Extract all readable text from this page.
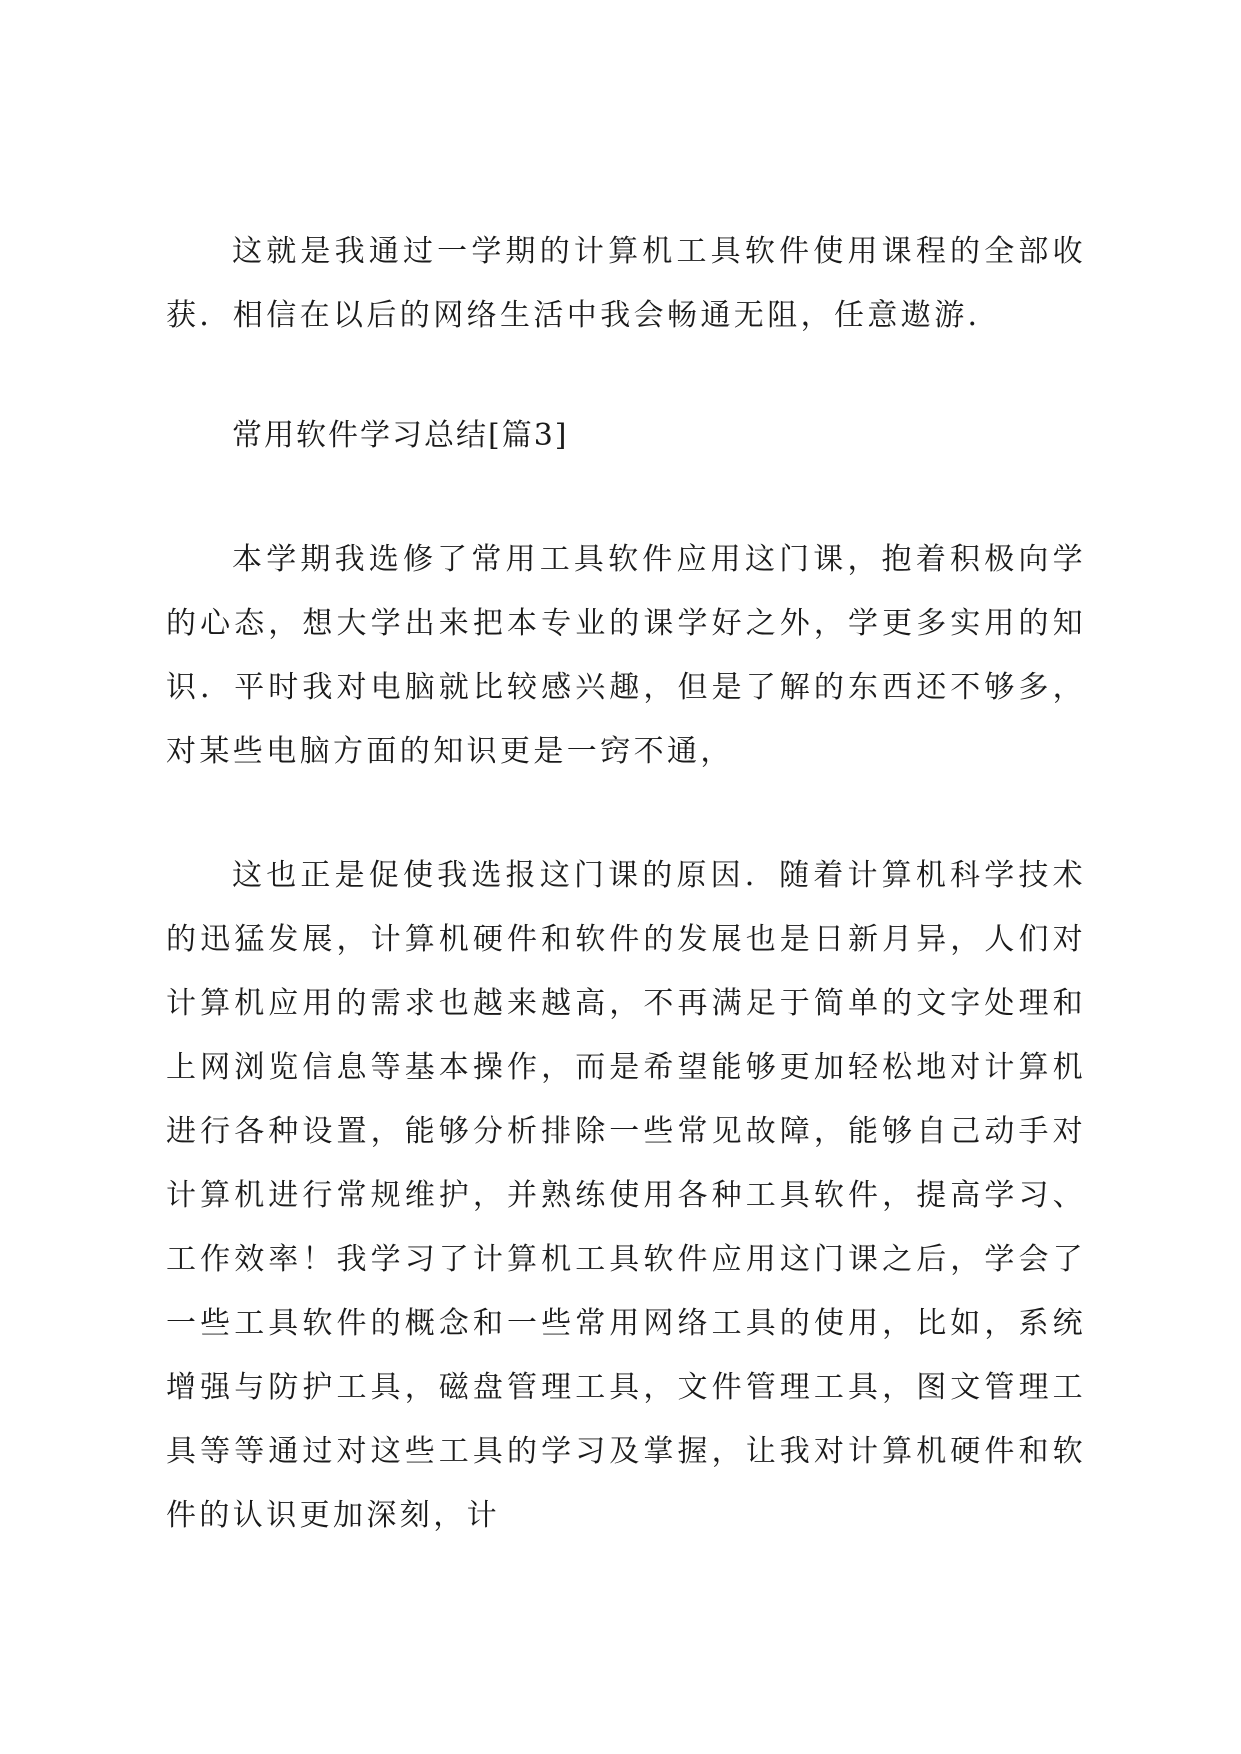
这就是我通过一学期的计算机工具软件使用课程的全部收获．相信在以后的网络生活中我会畅通无阻，任意遨游．

常用软件学习总结[篇3]

本学期我选修了常用工具软件应用这门课，抱着积极向学的心态，想大学出来把本专业的课学好之外，学更多实用的知识．平时我对电脑就比较感兴趣，但是了解的东西还不够多，对某些电脑方面的知识更是一窍不通，

这也正是促使我选报这门课的原因．随着计算机科学技术的迅猛发展，计算机硬件和软件的发展也是日新月异，人们对计算机应用的需求也越来越高，不再满足于简单的文字处理和上网浏览信息等基本操作，而是希望能够更加轻松地对计算机进行各种设置，能够分析排除一些常见故障，能够自己动手对计算机进行常规维护，并熟练使用各种工具软件，提高学习、工作效率！我学习了计算机工具软件应用这门课之后，学会了一些工具软件的概念和一些常用网络工具的使用，比如，系统增强与防护工具，磁盘管理工具，文件管理工具，图文管理工具等等通过对这些工具的学习及掌握，让我对计算机硬件和软件的认识更加深刻，计
